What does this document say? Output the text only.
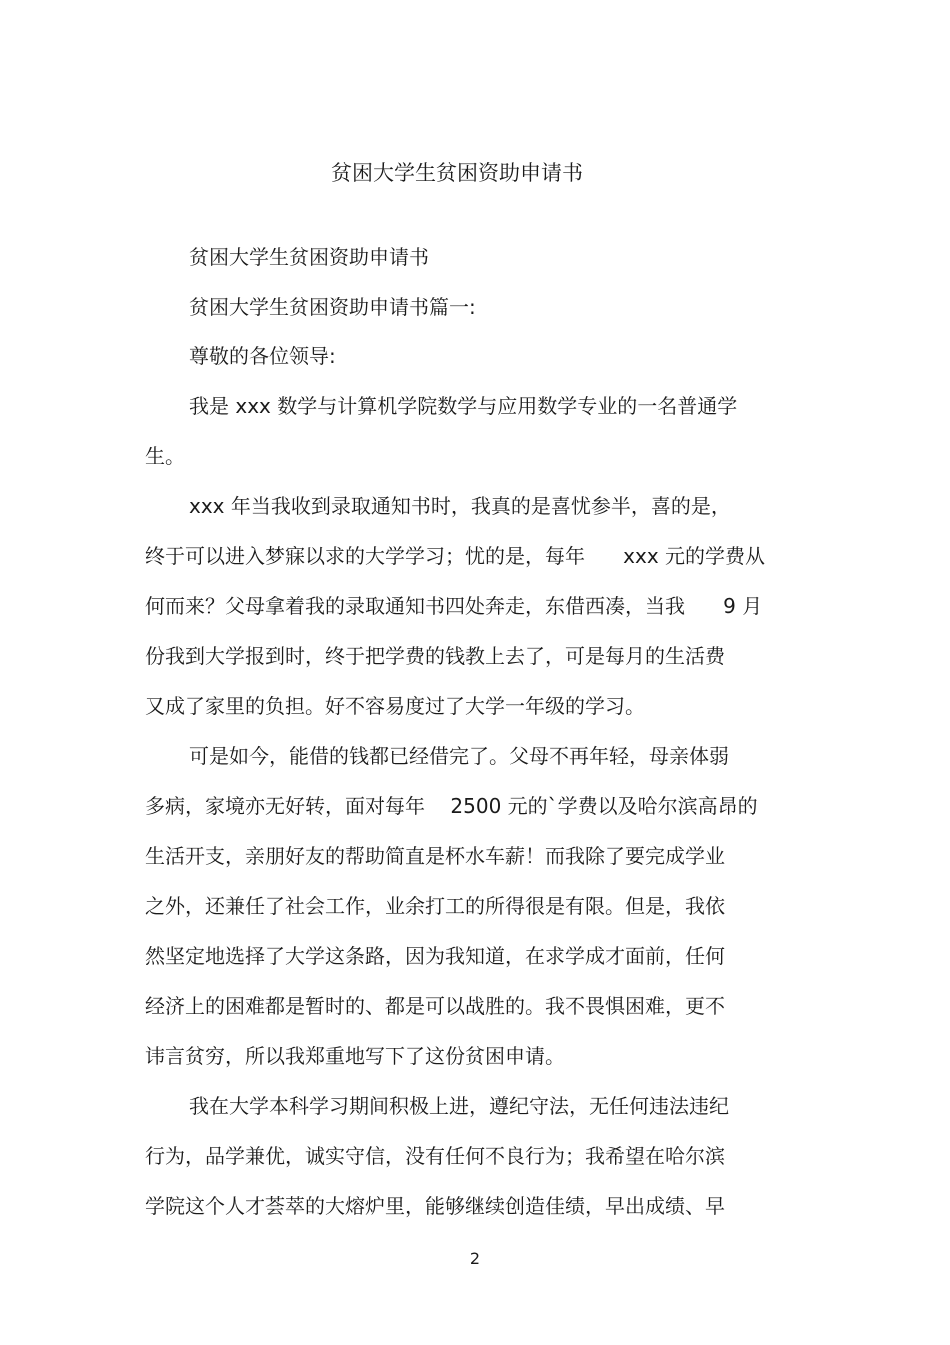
贫困大学生贫困资助申请书
贫困大学生贫困资助申请书
贫困大学生贫困资助申请书篇一:
尊敬的各位领导:
我是 xxx 数学与计算机学院数学与应用数学专业的一名普通学
生。
xxx 年当我收到录取通知书时，我真的是喜忧参半，喜的是，
终于可以进入梦寐以求的大学学习；忧的是，每年      xxx 元的学费从
何而来？父母拿着我的录取通知书四处奔走，东借西凑，当我      9 月
份我到大学报到时，终于把学费的钱教上去了，可是每月的生活费
又成了家里的负担。好不容易度过了大学一年级的学习。
可是如今，能借的钱都已经借完了。父母不再年轻，母亲体弱
多病，家境亦无好转，面对每年    2500 元的`学费以及哈尔滨高昂的
生活开支，亲朋好友的帮助简直是杯水车薪！而我除了要完成学业
之外，还兼任了社会工作，业余打工的所得很是有限。但是，我依
然坚定地选择了大学这条路，因为我知道，在求学成才面前，任何
经济上的困难都是暂时的、都是可以战胜的。我不畏惧困难，更不
讳言贫穷，所以我郑重地写下了这份贫困申请。
我在大学本科学习期间积极上进，遵纪守法，无任何违法违纪
行为，品学兼优，诚实守信，没有任何不良行为；我希望在哈尔滨
学院这个人才荟萃的大熔炉里，能够继续创造佳绩，早出成绩、早
2
